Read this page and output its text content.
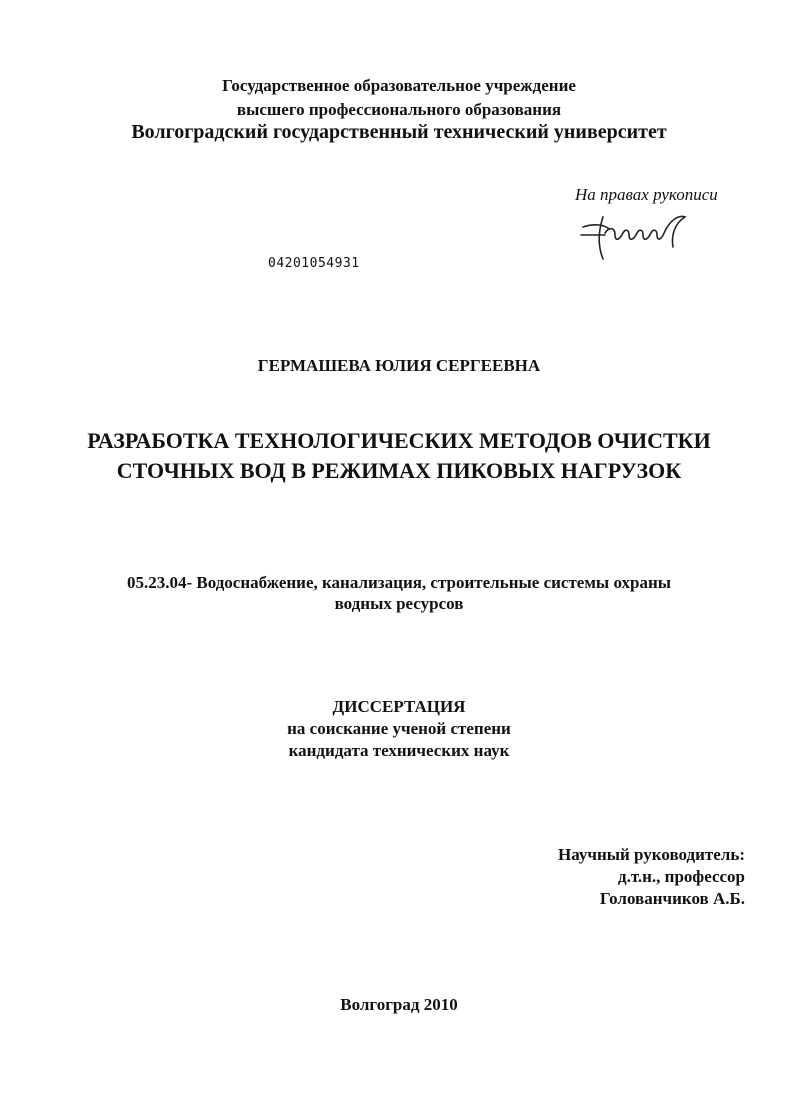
Государственное образовательное учреждение
высшего профессионального образования
Волгоградский государственный технический университет
На правах рукописи
04201054931
ГЕРМАШЕВА ЮЛИЯ СЕРГЕЕВНА
РАЗРАБОТКА ТЕХНОЛОГИЧЕСКИХ МЕТОДОВ ОЧИСТКИ
СТОЧНЫХ ВОД В РЕЖИМАХ ПИКОВЫХ НАГРУЗОК
05.23.04- Водоснабжение, канализация, строительные системы охраны
водных ресурсов
ДИССЕРТАЦИЯ
на соискание ученой степени
кандидата технических наук
Научный руководитель:
д.т.н., профессор
Голованчиков А.Б.
Волгоград 2010
